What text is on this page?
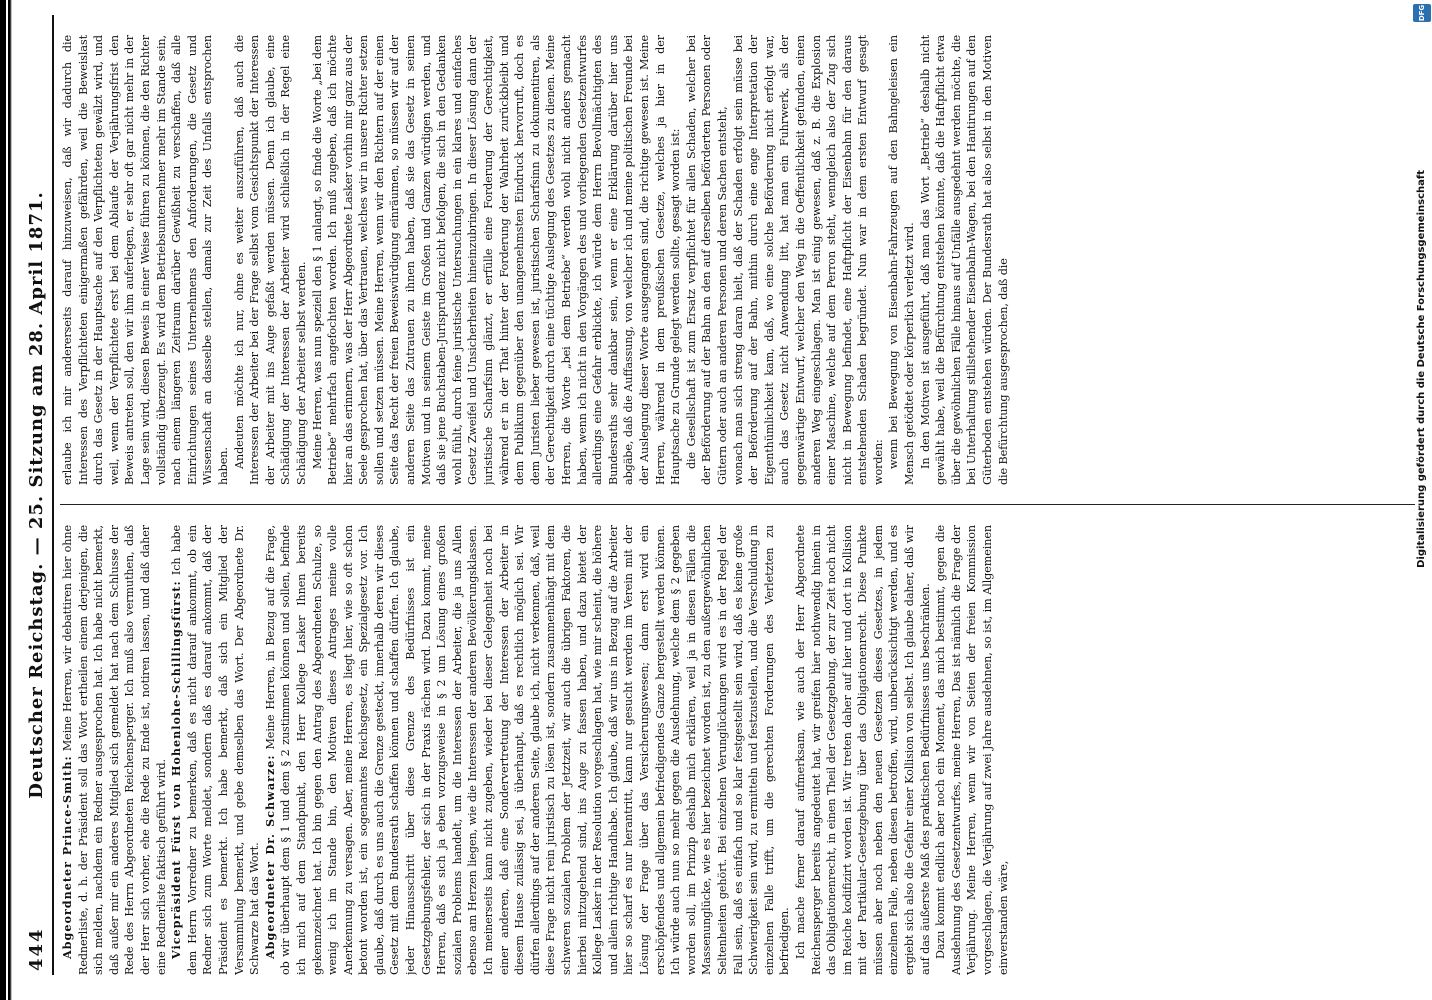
444
Deutscher Reichstag. — 25. Sitzung am 28. April 1871.

Abgeordneter Prince-Smith: Meine Herren, wir debattiren hier ohne Rednerliste, d. h. der Präsident soll das Wort ertheilen einem derjenigen, die sich melden, nachdem ein Redner ausgesprochen hat. Ich habe nicht bemerkt, daß außer mir ein anderes Mitglied sich gemeldet hat nach dem Schlusse der Rede des Herrn Abgeordneten Reichensperger. Ich muß also vermuthen, daß der Herr sich vorher, ehe die Rede zu Ende ist, notiren lassen, und daß daher eine Rednerliste faktisch geführt wird. Vicepräsident Fürst von Hohenlohe-Schillingsfürst: Ich habe dem Herrn Vorredner zu bemerken, daß es nicht darauf ankommt, ob ein Redner sich zum Worte meldet, sondern daß es darauf ankommt, daß der Präsident es bemerkt. Ich habe bemerkt, daß sich ein Mitglied der Versammlung bemerkt, und gebe demselben das Wort. Der Abgeordnete Dr. Schwarze hat das Wort. Abgeordneter Dr. Schwarze: Meine Herren, in Bezug auf die Frage, ob wir überhaupt dem § 1 und dem § 2 zustimmen können und sollen, befinde ich mich auf dem Standpunkt, den Herr Kollege Lasker Ihnen bereits gekennzeichnet hat. Ich bin gegen den Antrag des Abgeordneten Schulze, so wenig ich im Stande bin, den Motiven dieses Antrages meine volle Anerkennung zu versagen. Aber, meine Herren, es liegt hier, wie so oft schon betont worden ist, ein sogenanntes Reichsgesetz, ein Spezialgesetz vor. Ich glaube, daß durch es uns auch die Grenze gesteckt, innerhalb deren wir dieses Gesetz mit dem Bundesrath schaffen können und schaffen dürfen. Ich glaube, jeder Hinausschritt über diese Grenze des Bedürfnisses ist ein Gesetzgebungsfehler, der sich in der Praxis rächen wird. Dazu kommt, meine Herren, daß es sich ja eben vorzugsweise in § 2 um Lösung eines großen sozialen Problems handelt, um die Interessen der Arbeiter, die ja uns Allen ebenso am Herzen liegen, wie die Interessen der anderen Bevölkerungsklassen. Ich meinerseits kann nicht zugeben, wieder bei dieser Gelegenheit noch bei einer anderen, daß eine Sondervertretung der Interessen der Arbeiter in diesem Hause zulässig sei, ja überhaupt, daß es rechtlich möglich sei. Wir dürfen allerdings auf der anderen Seite, glaube ich, nicht verkennen, daß, weil diese Frage nicht rein juristisch zu lösen ist, sondern zusammenhängt mit dem schweren sozialen Problem der Jetztzeit, wir auch die übrigen Faktoren, die hierbei mitzugehend sind, ins Auge zu fassen haben, und dazu bietet der Kollege Lasker in der Resolution vorgeschlagen hat, wie mir scheint, die höhere und allein richtige Handhabe. Ich glaube, daß wir uns in Bezug auf die Arbeiter hier so scharf es nur herantritt, kann nur gesucht werden im Verein mit der Lösung der Frage über das Versicherungswesen; dann erst wird ein erschöpfendes und allgemein befriedigendes Ganze hergestellt werden können. Ich würde auch nun so mehr gegen die Ausdehnung, welche dem § 2 gegeben worden soll, im Prinzip deshalb mich erklären, weil ja in diesen Fällen die Massenunglücke, wie es hier bezeichnet worden ist, zu den außergewöhnlichen Seltenheiten gehört. Bei einzelnen Verunglückungen wird es in der Regel der Fall sein, daß es einfach und so klar festgestellt sein wird, daß es keine große Schwierigkeit sein wird, zu ermitteln und festzustellen, und die Verschuldung in einzelnen Falle trifft, um die gerechten Forderungen des Verletzten zu befriedigen. Ich mache ferner darauf aufmerksam, wie auch der Herr Abgeordnete Reichensperger bereits angedeutet hat, wir greifen hier nothwendig hinein in das Obligationenrecht, in einen Theil der Gesetzgebung, der zur Zeit noch nicht im Reiche kodifizirt worden ist. Wir treten daher auf hier und dort in Kollision mit der Partikular-Gesetzgebung über das Obligationenrecht. Diese Punkte müssen aber noch neben den neuen Gesetzen dieses Gesetzes, in jedem einzelnen Falle, neben diesen betroffen, wird, unberücksichtigt werden, und es ergiebt sich also die Gefahr einer Kollision von selbst. Ich glaube daher, daß wir auf das äußerste Maß des praktischen Bedürfnisses uns beschränken. Dazu kommt endlich aber noch ein Moment, das mich bestimmt, gegen die Ausdehnung des Gesetzentwurfes, meine Herren, Das ist nämlich die Frage der Verjährung. Meine Herren, wenn wir von Seiten der freien Kommission vorgeschlagen, die Verjährung auf zwei Jahre ausdehnen, so ist, im Allgemeinen einverstanden wäre,

erlaube ich mir andererseits darauf hinzuweisen, daß wir dadurch die Interessen des Verpflichteten einigermaßen gefährden, weil die Beweislast durch das Gesetz in der Hauptsache auf den Verpflichteten gewälzt wird, und weil, wenn der Verpflichtete erst bei dem Ablaufe der Verjährungsfrist den Beweis antreten soll, den wir ihm auferlegen, er sehr oft gar nicht mehr in der Lage sein wird, diesen Beweis in einer Weise führen zu können, die den Richter vollständig überzeugt. Es wird dem Betriebsunternehmer mehr im Stande sein, nach einem längeren Zeitraum darüber Gewißheit zu verschaffen, daß alle Einrichtungen seines Unternehmens den Anforderungen, die Gesetz und Wissenschaft an dasselbe stellen, damals zur Zeit des Unfalls entsprochen haben. Andeuten möchte ich nur, ohne es weiter auszuführen, daß auch die Interessen der Arbeiter bei der Frage selbst vom Gesichtspunkt der Interessen der Arbeiter mit ins Auge gefaßt werden müssen. Denn ich glaube, eine Schädigung der Interessen der Arbeiter wird schließlich in der Regel eine Schädigung der Arbeiter selbst werden. Meine Herren, was nun speziell den § 1 anlangt, so finde die Worte „bei dem Betriebe“ mehrfach angefochten worden. Ich muß zugeben, daß ich möchte hier an das erinnern, was der Herr Abgeordnete Lasker vorhin mir ganz aus der Seele gesprochen hat, über das Vertrauen, welches wir in unsere Richter setzen sollen und setzen müssen. Meine Herren, wenn wir den Richtern auf der einen Seite das Recht der freien Beweiswürdigung einräumen, so müssen wir auf der anderen Seite das Zutrauen zu ihnen haben, daß sie das Gesetz in seinen Motiven und in seinem Geiste im Großen und Ganzen würdigen werden, und daß sie jene Buchstaben-Jurisprudenz nicht befolgen, die sich in den Gedanken wohl fühlt, durch feine juristische Untersuchungen in ein klares und einfaches Gesetz Zweifel und Unsicherheiten hineinzubringen. In dieser Lösung dann der juristische Scharfsinn glänzt, er erfülle eine Forderung der Gerechtigkeit, während er in der That hinter der Forderung der Wahrheit zurückbleibt und dem Publikum gegenüber den unangenehmsten Eindruck hervorruft, doch es dem Juristen lieber gewesen ist, juristischen Scharfsinn zu dokumentiren, als der Gerechtigkeit durch eine tüchtige Auslegung des Gesetzes zu dienen. Meine Herren, die Worte „bei dem Betriebe“ werden wohl nicht anders gemacht haben, wenn ich nicht in den Vorgängen des und vorliegenden Gesetzentwurfes allerdings eine Gefahr erblickte, ich würde dem Herrn Bevollmächtigten des Bundesraths sehr dankbar sein, wenn er eine Erklärung darüber hier uns abgäbe, daß die Auffassung, von welcher ich und meine politischen Freunde bei der Auslegung dieser Worte ausgegangen sind, die richtige gewesen ist. Meine Herren, während in dem preußischen Gesetze, welches ja hier in der Hauptsache zu Grunde gelegt werden sollte, gesagt worden ist: die Gesellschaft ist zum Ersatz verpflichtet für allen Schaden, welcher bei der Beförderung auf der Bahn an den auf derselben beförderten Personen oder Gütern oder auch an anderen Personen und deren Sachen entsteht, wonach man sich streng daran hielt, daß der Schaden erfolgt sein müsse bei der Beförderung auf der Bahn, mithin durch eine enge Interpretation der Eigenthümlichkeit kam, daß, wo eine solche Beförderung nicht erfolgt war, auch das Gesetz nicht Anwendung litt, hat man ein Fuhrwerk, als der gegenwärtige Entwurf, welcher den Weg in die Oeffentlichkeit gefunden, einen anderen Weg eingeschlagen. Man ist einig gewesen, daß z. B. die Explosion einer Maschine, welche auf dem Perron steht, wenngleich also der Zug sich nicht in Bewegung befindet, eine Haftpflicht der Eisenbahn für den daraus entstehenden Schaden begründet. Nun war in dem ersten Entwurf gesagt worden: wenn bei Bewegung von Eisenbahn-Fahrzeugen auf den Bahngeleisen ein Mensch getödtet oder körperlich verletzt wird. In den Motiven ist ausgeführt, daß man das Wort „Betrieb“ deshalb nicht gewählt habe, weil die Befürchtung entstehen könnte, daß die Haftpflicht etwa über die gewöhnlichen Fälle hinaus auf Unfälle ausgedehnt werden möchte, die bei Unterhaltung stillstehender Eisenbahn-Wagen, bei den Hantirungen auf den Güterboden entstehen würden. Der Bundesrath hat also selbst in den Motiven die Befürchtung ausgesprochen, daß die	Digitalisierung gefördert durch die Deutsche Forschungsgemeinschaft
DFG
